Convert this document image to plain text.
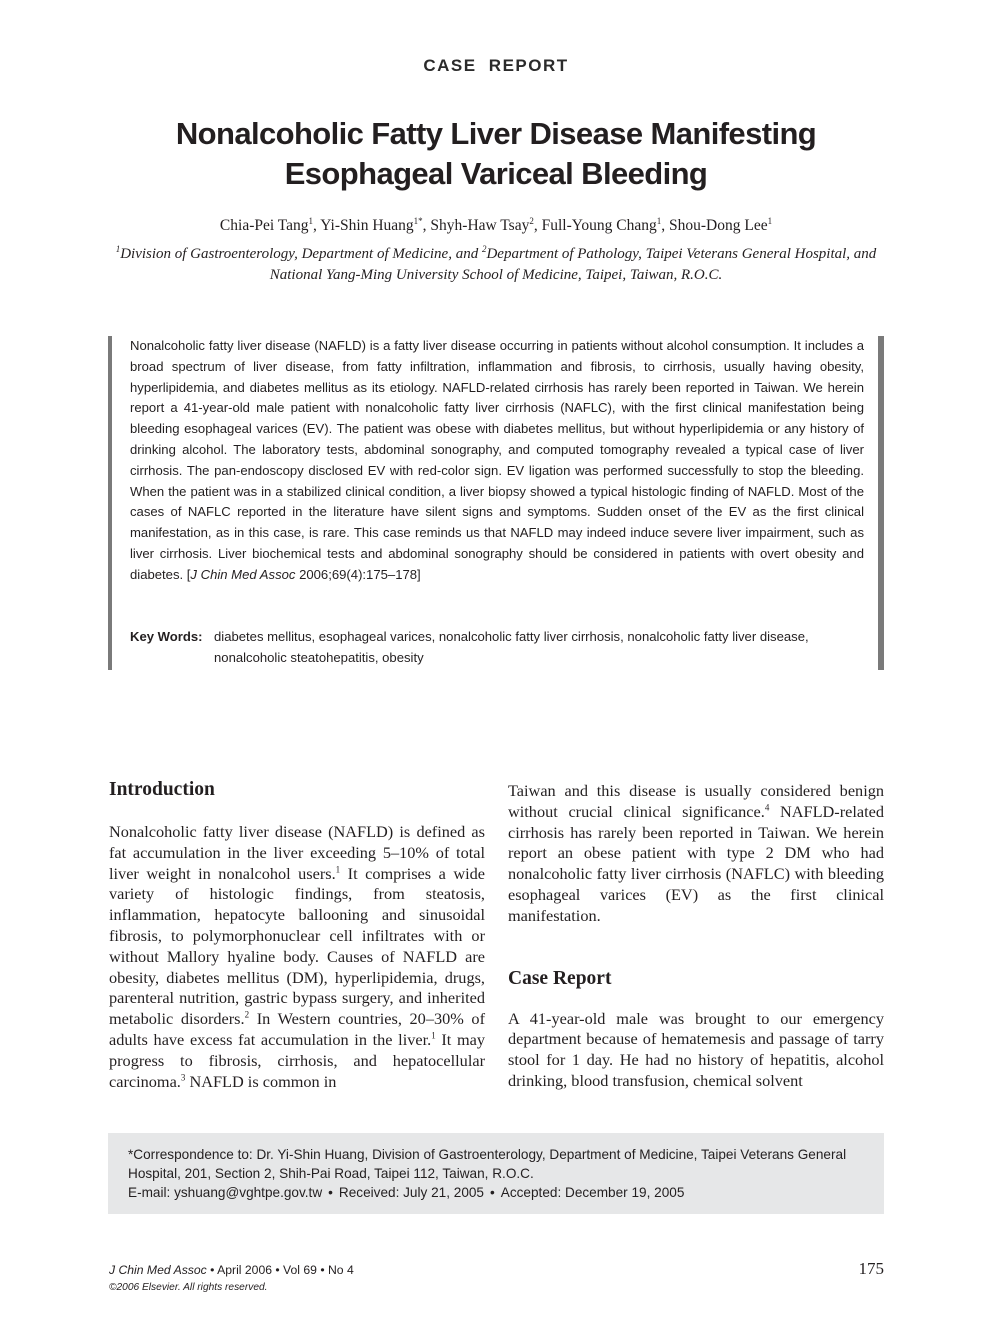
CASE REPORT
Nonalcoholic Fatty Liver Disease Manifesting Esophageal Variceal Bleeding
Chia-Pei Tang$^1$, Yi-Shin Huang$^{1*}$, Shyh-Haw Tsay$^2$, Full-Young Chang$^1$, Shou-Dong Lee$^1$
$^1$Division of Gastroenterology, Department of Medicine, and $^2$Department of Pathology, Taipei Veterans General Hospital, and National Yang-Ming University School of Medicine, Taipei, Taiwan, R.O.C.

Nonalcoholic fatty liver disease (NAFLD) is a fatty liver disease occurring in patients without alcohol consumption. It includes a broad spectrum of liver disease, from fatty infiltration, inflammation and fibrosis, to cirrhosis, usually having obesity, hyperlipidemia, and diabetes mellitus as its etiology. NAFLD-related cirrhosis has rarely been reported in Taiwan. We herein report a 41-year-old male patient with nonalcoholic fatty liver cirrhosis (NAFLC), with the first clinical manifestation being bleeding esophageal varices (EV). The patient was obese with diabetes mellitus, but without hyperlipidemia or any history of drinking alcohol. The laboratory tests, abdominal sonography, and computed tomography revealed a typical case of liver cirrhosis. The pan-endoscopy disclosed EV with red-color sign. EV ligation was performed successfully to stop the bleeding. When the patient was in a stabilized clinical condition, a liver biopsy showed a typical histologic finding of NAFLD. Most of the cases of NAFLC reported in the literature have silent signs and symptoms. Sudden onset of the EV as the first clinical manifestation, as in this case, is rare. This case reminds us that NAFLD may indeed induce severe liver impairment, such as liver cirrhosis. Liver biochemical tests and abdominal sonography should be considered in patients with overt obesity and diabetes. [J Chin Med Assoc 2006;69(4):175–178]

Key Words: diabetes mellitus, esophageal varices, nonalcoholic fatty liver cirrhosis, nonalcoholic fatty liver disease, nonalcoholic steatohepatitis, obesity
Introduction

Nonalcoholic fatty liver disease (NAFLD) is defined as fat accumulation in the liver exceeding 5–10% of total liver weight in nonalcohol users.$^1$ It comprises a wide variety of histologic findings, from steatosis, inflammation, hepatocyte ballooning and sinusoidal fibrosis, to polymorphonuclear cell infiltrates with or without Mallory hyaline body. Causes of NAFLD are obesity, diabetes mellitus (DM), hyperlipidemia, drugs, parenteral nutrition, gastric bypass surgery, and inherited metabolic disorders.$^2$ In Western countries, 20–30% of adults have excess fat accumulation in the liver.$^1$ It may progress to fibrosis, cirrhosis, and hepatocellular carcinoma.$^3$ NAFLD is common in

Taiwan and this disease is usually considered benign without crucial clinical significance.$^4$ NAFLD-related cirrhosis has rarely been reported in Taiwan. We herein report an obese patient with type 2 DM who had nonalcoholic fatty liver cirrhosis (NAFLC) with bleeding esophageal varices (EV) as the first clinical manifestation.

Case Report

A 41-year-old male was brought to our emergency department because of hematemesis and passage of tarry stool for 1 day. He had no history of hepatitis, alcohol drinking, blood transfusion, chemical solvent

*Correspondence to: Dr. Yi-Shin Huang, Division of Gastroenterology, Department of Medicine, Taipei Veterans General Hospital, 201, Section 2, Shih-Pai Road, Taipei 112, Taiwan, R.O.C.
E-mail: yshuang@vghtpe.gov.tw • Received: July 21, 2005 • Accepted: December 19, 2005
J Chin Med Assoc • April 2006 • Vol 69 • No 4
©2006 Elsevier. All rights reserved.
175
